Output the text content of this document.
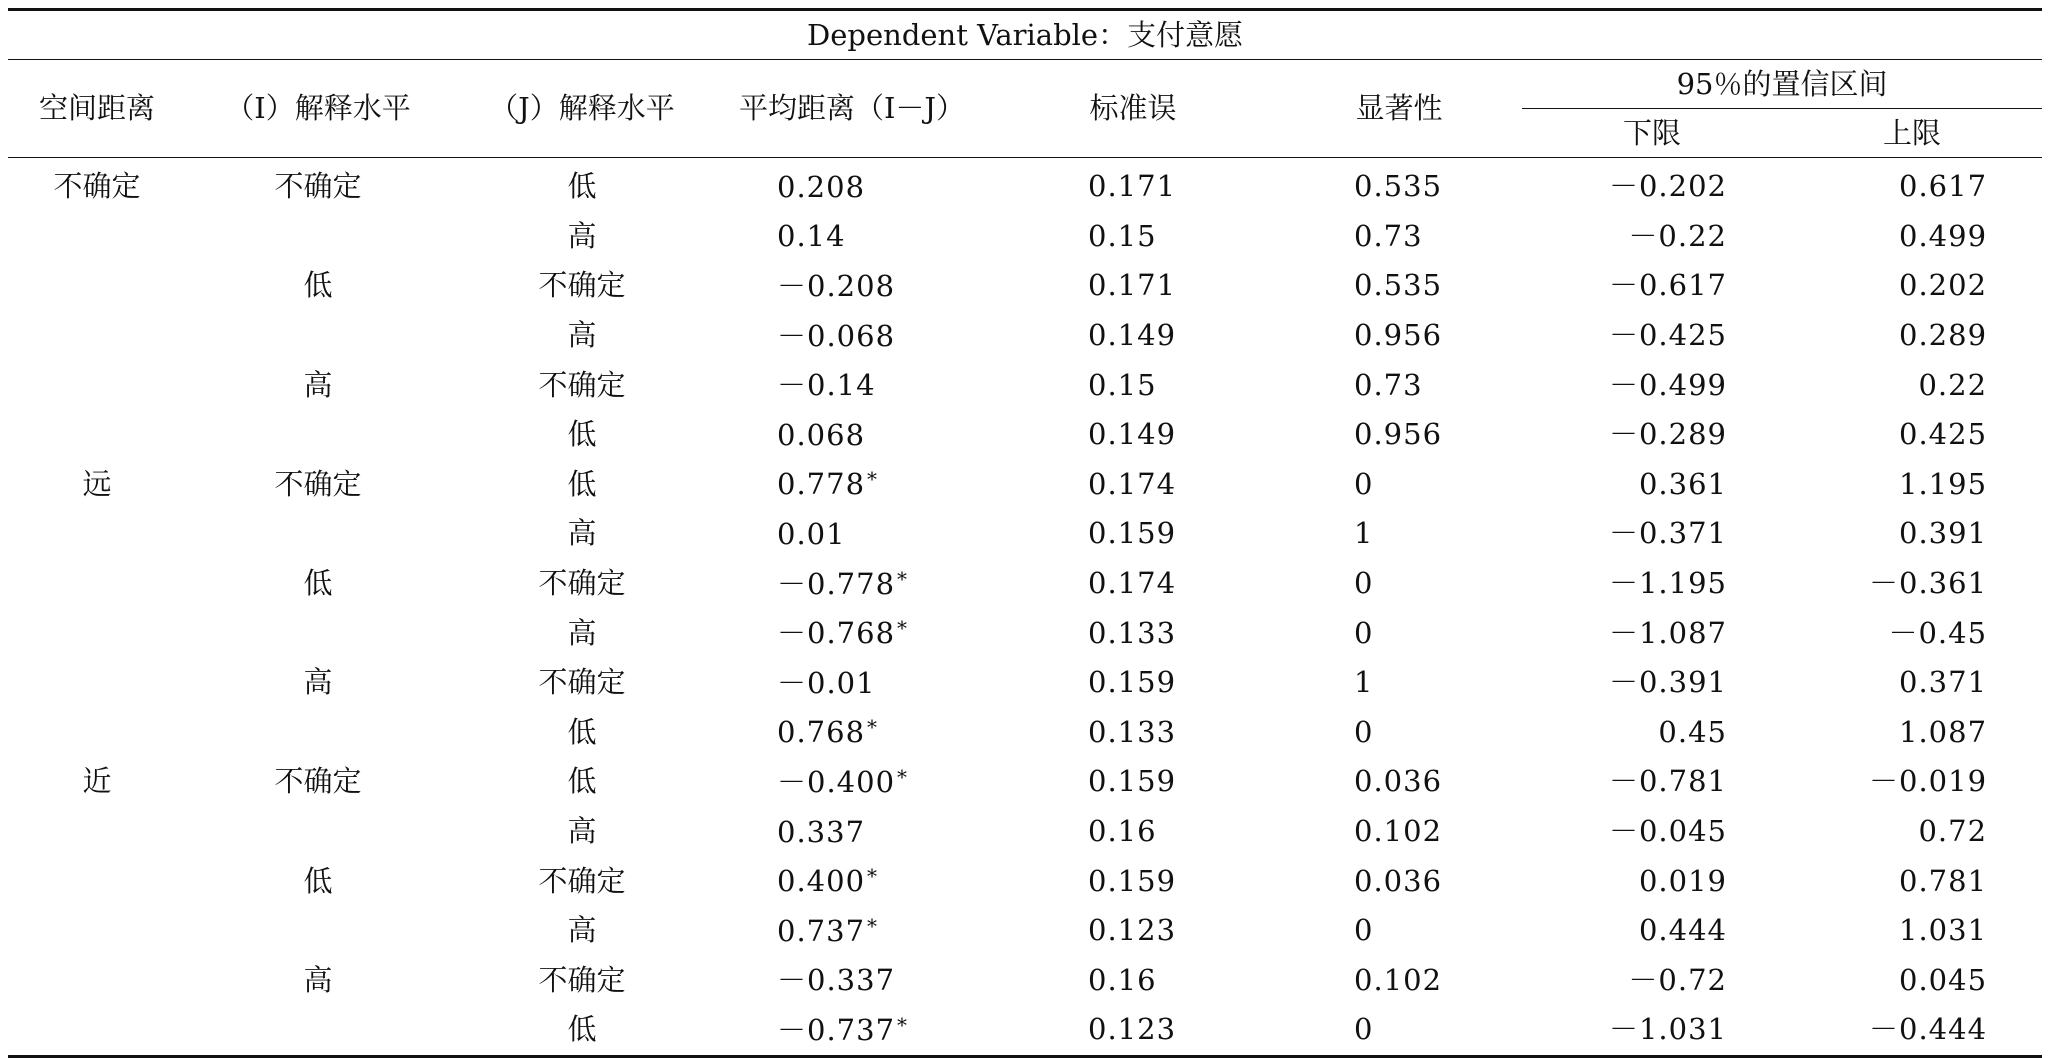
Dependent Variable：支付意愿							
空间距离	（I）解释水平	（J）解释水平	平均距离（I－J）	标准误	显著性	95％的置信区间	
						下限	上限
不确定	不确定	低	0.208	0.171	0.535	－0.202	0.617
		高	0.14	0.15	0.73	－0.22	0.499
	低	不确定	－0.208	0.171	0.535	－0.617	0.202
		高	－0.068	0.149	0.956	－0.425	0.289
	高	不确定	－0.14	0.15	0.73	－0.499	0.22
		低	0.068	0.149	0.956	－0.289	0.425
远	不确定	低	0.778 *	0.174	0	0.361	1.195
		高	0.01	0.159	1	－0.371	0.391
	低	不确定	－0.778 *	0.174	0	－1.195	－0.361
		高	－0.768 *	0.133	0	－1.087	－0.45
	高	不确定	－0.01	0.159	1	－0.391	0.371
		低	0.768 *	0.133	0	0.45	1.087
近	不确定	低	－0.400 *	0.159	0.036	－0.781	－0.019
		高	0.337	0.16	0.102	－0.045	0.72
	低	不确定	0.400 *	0.159	0.036	0.019	0.781
		高	0.737 *	0.123	0	0.444	1.031
	高	不确定	－0.337	0.16	0.102	－0.72	0.045
		低	－0.737 *	0.123	0	－1.031	－0.444
